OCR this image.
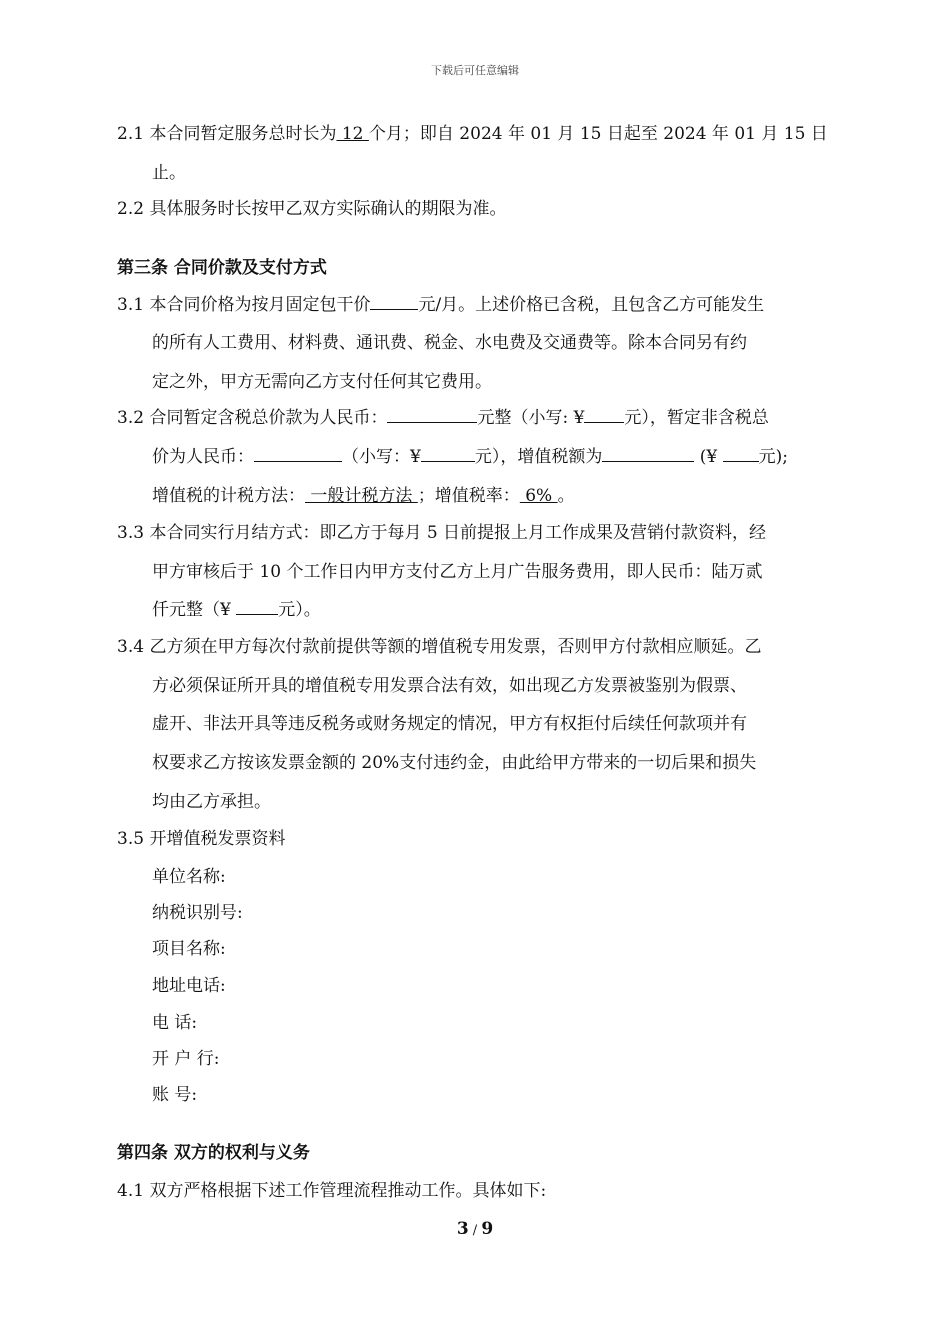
下载后可任意编辑
2.1 本合同暂定服务总时长为 12 个月；即自 2024 年 01 月 15 日起至 2024 年 01 月 15 日
止。
2.2 具体服务时长按甲乙双方实际确认的期限为准。
第三条 合同价款及支付方式
3.1 本合同价格为按月固定包干价	元/月。上述价格已含税，且包含乙方可能发生
的所有人工费用、材料费、通讯费、税金、水电费及交通费等。除本合同另有约
定之外，甲方无需向乙方支付任何其它费用。
3.2 合同暂定含税总价款为人民币：	元整（小写: ¥ 元），暂定非含税总
价为人民币：	（小写：¥	元），增值税额为	(¥ 元);
增值税的计税方法： 一般计税方法 ；增值税率： 6% 。
3.3 本合同实行月结方式：即乙方于每月 5 日前提报上月工作成果及营销付款资料，经
甲方审核后于 10 个工作日内甲方支付乙方上月广告服务费用，即人民币：陆万贰
仟元整（¥ 元）。
3.4 乙方须在甲方每次付款前提供等额的增值税专用发票，否则甲方付款相应顺延。乙
方必须保证所开具的增值税专用发票合法有效，如出现乙方发票被鉴别为假票、
虚开、非法开具等违反税务或财务规定的情况，甲方有权拒付后续任何款项并有
权要求乙方按该发票金额的 20%支付违约金，由此给甲方带来的一切后果和损失
均由乙方承担。
3.5 开增值税发票资料
单位名称:
纳税识别号:
项目名称:
地址电话:
电 话:
开 户 行:
账 号:
第四条 双方的权利与义务
4.1 双方严格根据下述工作管理流程推动工作。具体如下:
3 / 9
